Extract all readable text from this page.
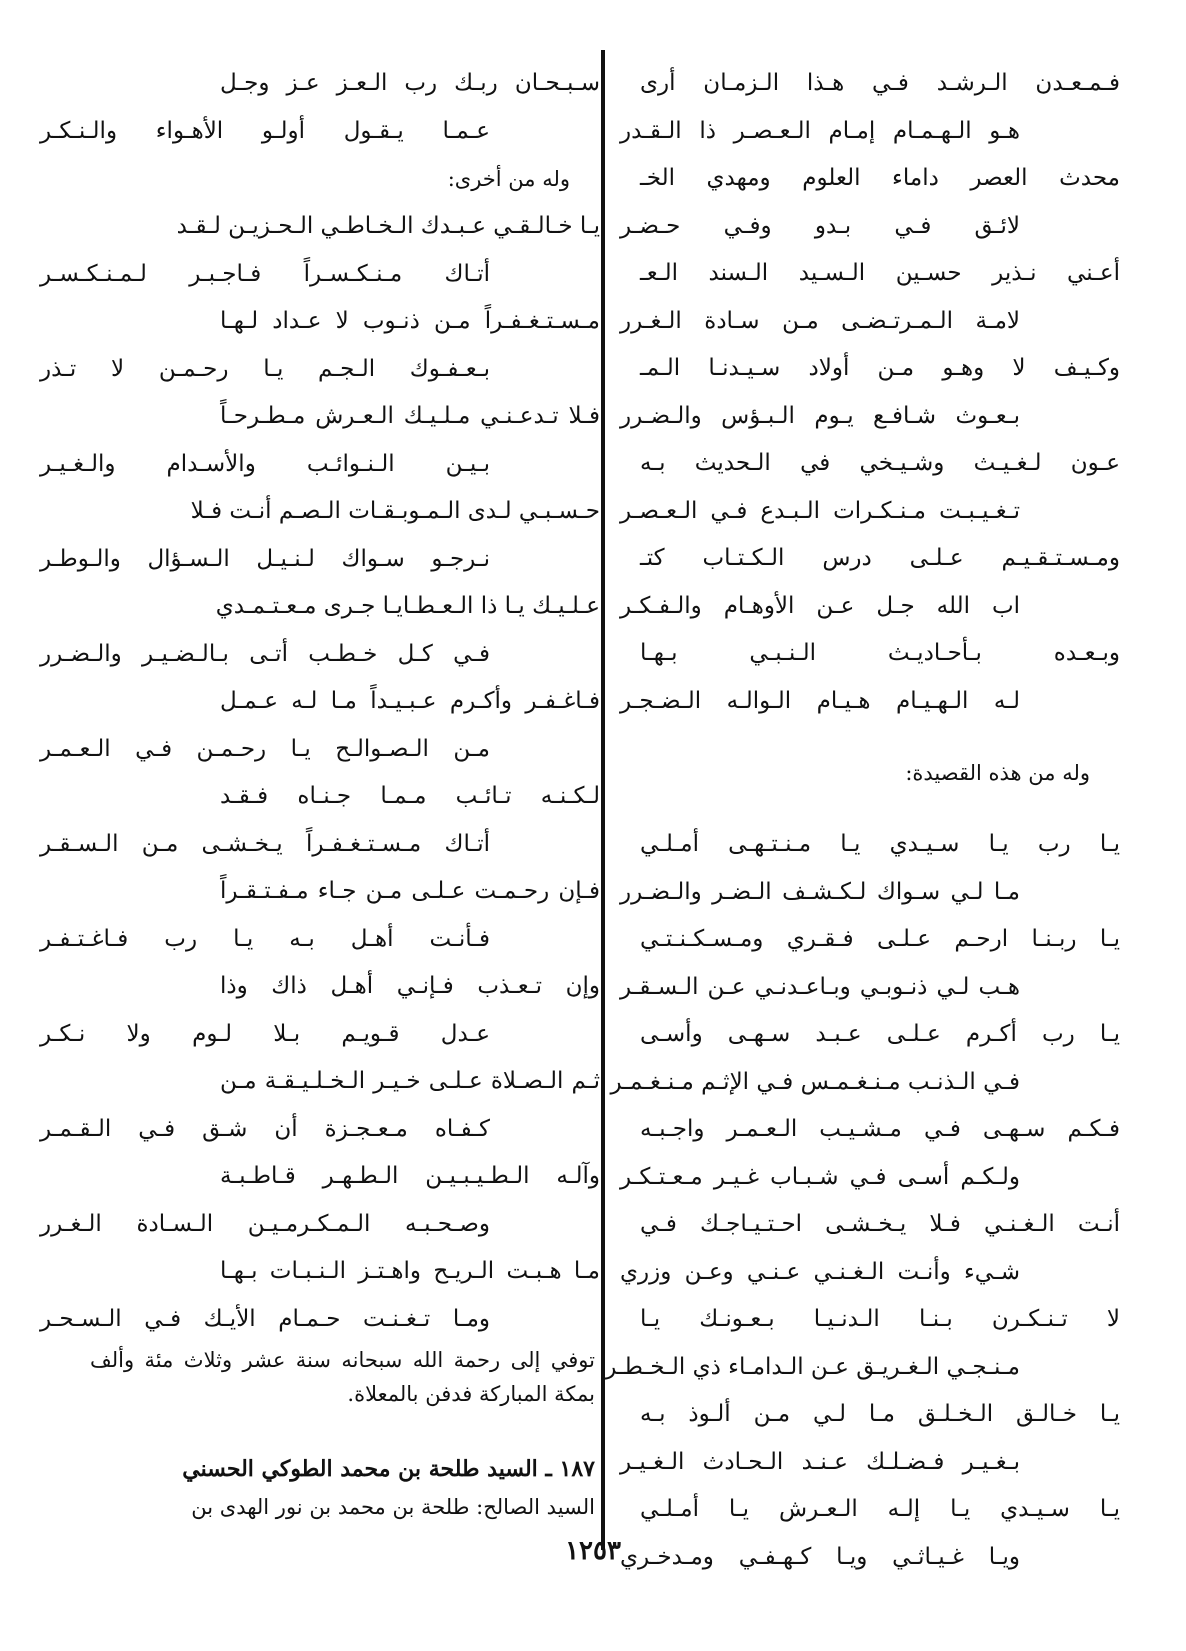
فـمـعـدن الـرشـد فـي هـذا الـزمـان أرى
هـو الـهـمـام إمـام الـعـصـر ذا الـقـدر
محدث العصر داماء العلوم ومهدي الخـ
لائـق فـي بـدو وفـي حـضـر
أعـني نـذير حسـين الـسـيد الـسند الـعـ
لامـة الـمـرتـضـى مـن سـادة الـغـرر
وكـيـف لا وهـو مـن أولاد سـيـدنـا الـمـ
بـعـوث شـافـع يـوم الـبـؤس والـضـرر
عـون لـغـيـث وشـيـخي في الـحديث بـه
تـغـيـبـت مـنـكـرات الـبـدع فـي الـعـصـر
ومـسـتـقـيـم عـلـى درس الـكـتـاب كتـ
اب الله جـل عـن الأوهـام والـفـكـر
وبـعـده بـأحـاديـث الـنـبـي بـهـا
لـه الـهـيـام هـيـام الـوالـه الـضـجـر
وله من هذه القصيدة:
يـا رب يـا سـيـدي يـا مـنـتـهـى أمـلـي
مـا لـي سـواك لـكـشـف الـضـر والـضـرر
يـا ربـنـا ارحـم عـلـى فـقـري ومـسـكـنـتـي
هـب لـي ذنـوبـي وبـاعـدنـي عـن الـسـقـر
يـا رب أكـرم عـلـى عـبـد سـهـى وأسـى
فـي الـذنـب مـنـغـمـس فـي الإثـم مـنـغـمـر
فـكـم سـهـى فـي مـشـيـب الـعـمـر واجـبـه
ولـكـم أسـى فـي شـبـاب غـيـر مـعـتـكـر
أنـت الـغـنـي فـلا يـخـشـى احـتـيـاجـك فـي
شـيء وأنـت الـغـنـي عـنـي وعـن وزري
لا تـنـكـرن بـنـا الـدنـيـا بـعـونـك يـا
مـنـجـي الـغـريـق عـن الـدامـاء ذي الـخـطـر
يـا خـالـق الـخـلـق مـا لـي مـن ألـوذ بـه
بـغـيـر فـضـلـك عـنـد الـحـادث الـغـيـر
يـا سـيـدي يـا إلـه الـعـرش يـا أمـلـي
ويـا غـيـاثـي ويـا كـهـفـي ومـدخـري
سـبـحـان ربـك رب الـعـز عـز وجـل
عـمـا يـقـول أولـو الأهـواء والـنـكـر
وله من أخرى:
يـا خـالـقـي عـبـدك الـخـاطـي الـحـزيـن لـقـد
أتـاك مـنـكـسـراً فـاجـبـر لـمـنـكـسـر
مـسـتـغـفـراً مـن ذنـوب لا عـداد لـهـا
بـعـفـوك الـجـم يـا رحـمـن لا تـذر
فـلا تـدعـنـي مـلـيـك الـعـرش مـطـرحـاً
بـيـن الـنـوائـب والأسـدام والـغـيـر
حـسـبـي لـدى الـمـوبـقـات الـصـم أنـت فـلا
نـرجـو سـواك لـنـيـل الـسـؤال والـوطـر
عـلـيـك يـا ذا الـعـطـايـا جـرى مـعـتـمـدي
فـي كـل خـطـب أتـى بـالـضـيـر والـضـرر
فـاغـفـر وأكـرم عـبـيـداً مـا لـه عـمـل
مـن الـصـوالـح يـا رحـمـن فـي الـعـمـر
لـكـنـه تـائـب مـمـا جـنـاه فـقـد
أتـاك مـسـتـغـفـراً يـخـشـى مـن الـسـقـر
فـإن رحـمـت عـلـى مـن جـاء مـفـتـقـراً
فـأنـت أهـل بـه يـا رب فـاغـتـفـر
وإن تـعـذب فـإنـي أهـل ذاك وذا
عـدل قـويـم بـلا لـوم ولا نـكـر
ثـم الـصـلاة عـلـى خـيـر الـخـلـيـقـة مـن
كـفـاه مـعـجـزة أن شـق فـي الـقـمـر
وآلـه الـطـيـبـيـن الـطـهـر قـاطـبـة
وصـحـبـه الـمـكـرمـيـن الـسـادة الـغـرر
مـا هـبـت الـريـح واهـتـز الـنـبـات بـهـا
ومـا تـغـنـت حـمـام الأيـك فـي الـسـحـر
توفي إلى رحمة الله سبحانه سنة عشر وثلاث مئة وألف بمكة المباركة فدفن بالمعلاة.
١٨٧ ـ السيد طلحة بن محمد الطوكي الحسني
السيد الصالح: طلحة بن محمد بن نور الهدى بن
١٢٥٣
